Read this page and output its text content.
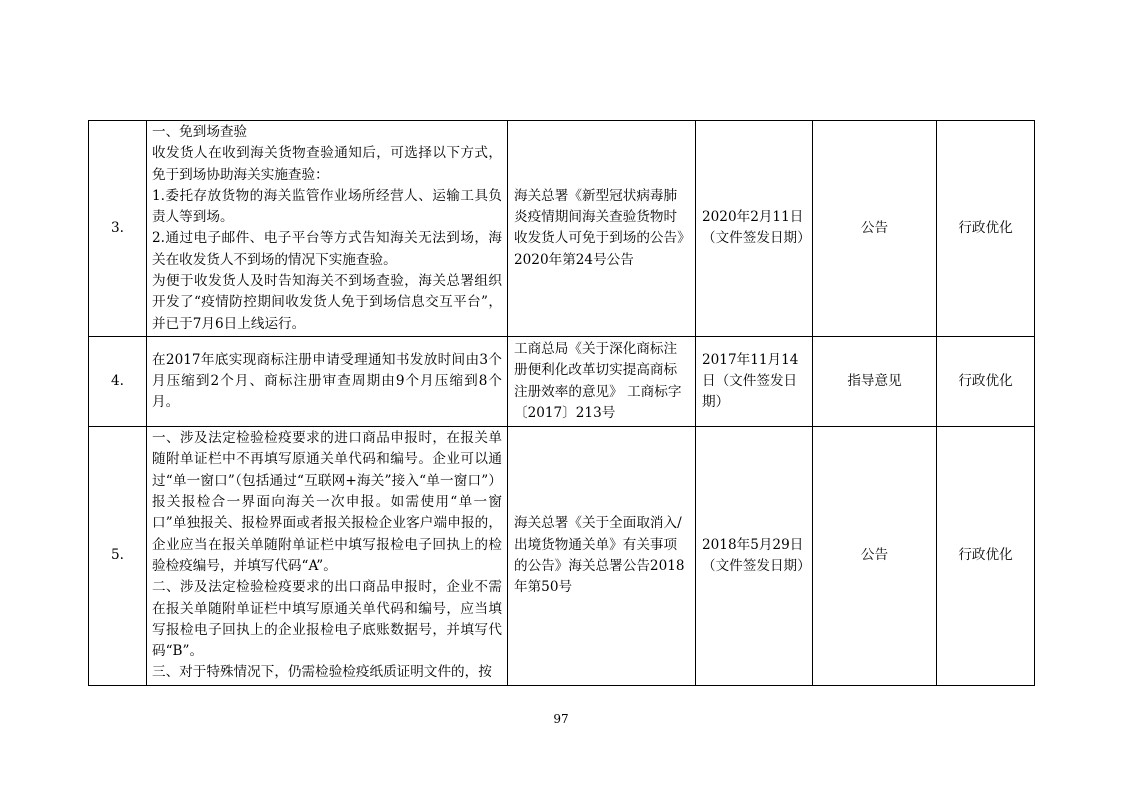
3.	一、免到场查验

收发货人在收到海关货物查验通知后，可选择以下方式，免于到场协助海关实施查验：

1.委托存放货物的海关监管作业场所经营人、运输工具负责人等到场。

2.通过电子邮件、电子平台等方式告知海关无法到场，海关在收发货人不到场的情况下实施查验。

为便于收发货人及时告知海关不到场查验，海关总署组织开发了“疫情防控期间收发货人免于到场信息交互平台”，并已于7月6日上线运行。	海关总署《新型冠状病毒肺炎疫情期间海关查验货物时收发货人可免于到场的公告》2020年第24号公告	2020年2月11日（文件签发日期）	公告	行政优化
4.	在2017年底实现商标注册申请受理通知书发放时间由3个月压缩到2个月、商标注册审查周期由9个月压缩到8个月。	工商总局《关于深化商标注册便利化改革切实提高商标注册效率的意见》 工商标字〔2017〕213号	2017年11月14日（文件签发日期）	指导意见	行政优化
5.	一、涉及法定检验检疫要求的进口商品申报时，在报关单随附单证栏中不再填写原通关单代码和编号。企业可以通过“单一窗口”（包括通过“互联网+海关”接入“单一窗口”）报关报检合一界面向海关一次申报。如需使用“单一窗口”单独报关、报检界面或者报关报检企业客户端申报的，企业应当在报关单随附单证栏中填写报检电子回执上的检验检疫编号，并填写代码“A”。

二、涉及法定检验检疫要求的出口商品申报时，企业不需在报关单随附单证栏中填写原通关单代码和编号，应当填写报检电子回执上的企业报检电子底账数据号，并填写代码“B”。

三、对于特殊情况下，仍需检验检疫纸质证明文件的，按	海关总署《关于全面取消入/出境货物通关单》有关事项的公告》海关总署公告2018年第50号	2018年5月29日（文件签发日期）	公告	行政优化
97
